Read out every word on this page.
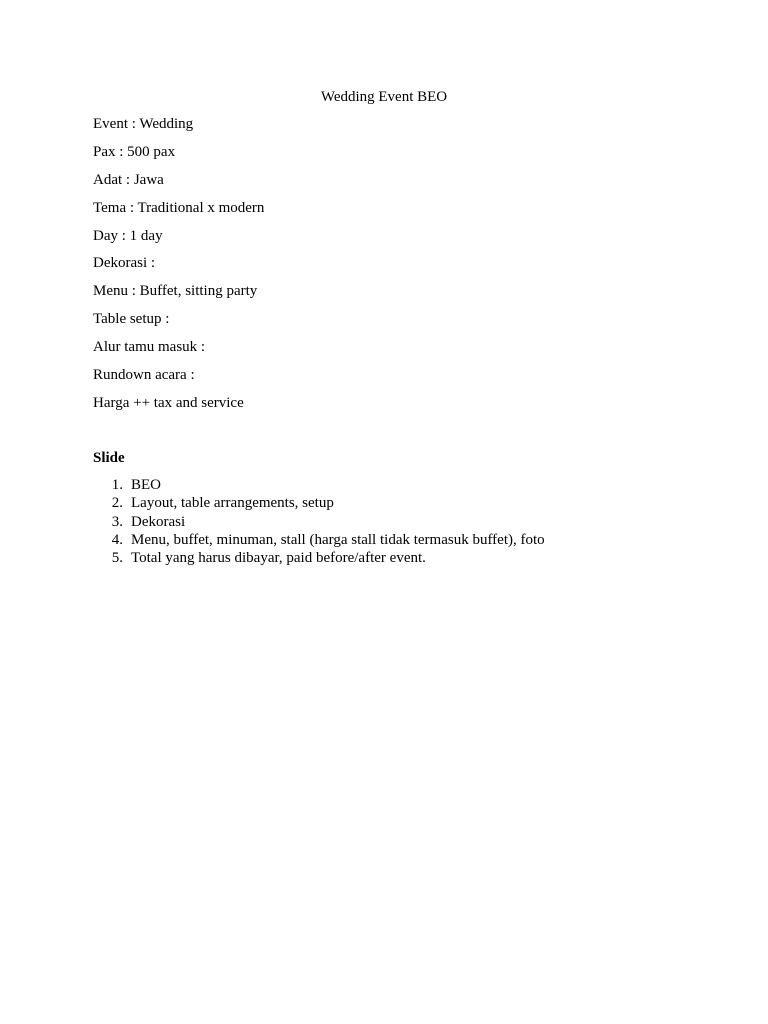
Wedding Event BEO
Event : Wedding
Pax : 500 pax
Adat : Jawa
Tema : Traditional x modern
Day : 1 day
Dekorasi :
Menu : Buffet, sitting party
Table setup :
Alur tamu masuk :
Rundown acara :
Harga ++ tax and service
Slide
1. BEO
2. Layout, table arrangements, setup
3. Dekorasi
4. Menu, buffet, minuman, stall (harga stall tidak termasuk buffet), foto
5. Total yang harus dibayar, paid before/after event.
